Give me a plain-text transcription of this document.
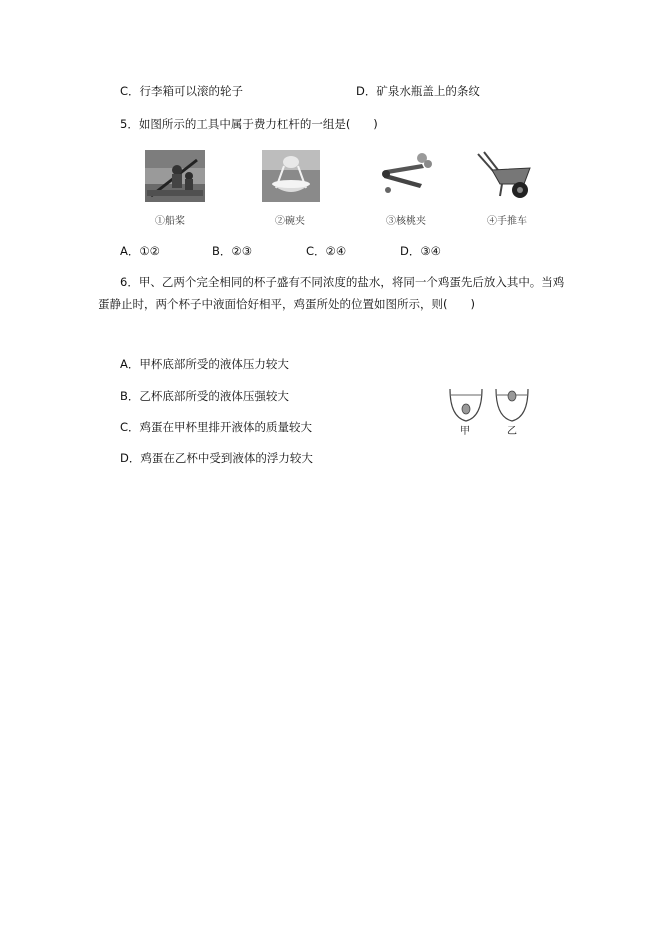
C．行李箱可以滚的轮子	D．矿泉水瓶盖上的条纹
5．如图所示的工具中属于费力杠杆的一组是(　　)
①船桨	②碗夹	③核桃夹	④手推车
A．①②	B．②③	C．②④	D．③④
6．甲、乙两个完全相同的杯子盛有不同浓度的盐水，将同一个鸡蛋先后放入其中。当鸡
蛋静止时，两个杯子中液面恰好相平，鸡蛋所处的位置如图所示，则(　　)
A．甲杯底部所受的液体压力较大
B．乙杯底部所受的液体压强较大
C．鸡蛋在甲杯里排开液体的质量较大
D．鸡蛋在乙杯中受到液体的浮力较大
甲	乙
